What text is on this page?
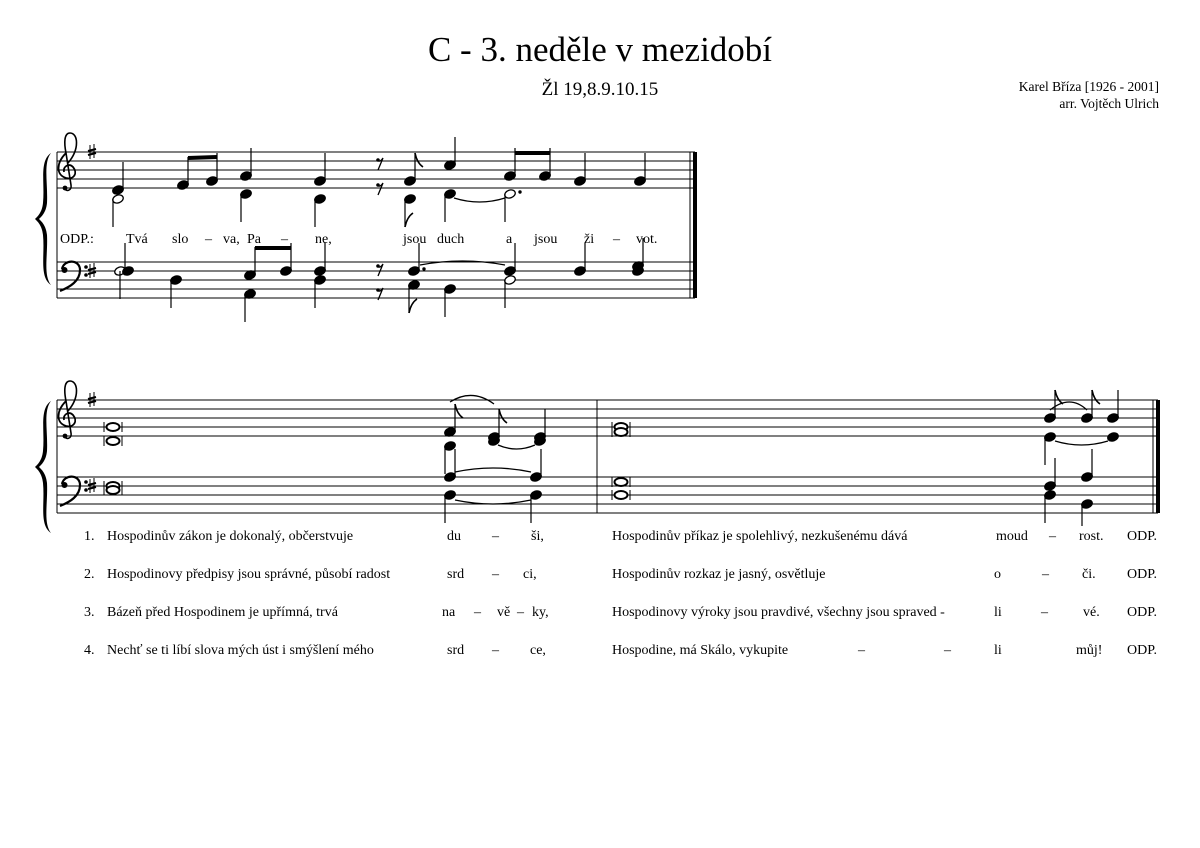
C - 3. neděle v mezidobí
Žl 19,8.9.10.15	Karel Bříza [1926 - 2001]
arr. Vojtěch Ulrich
ODP.: Tvá slo – va, Pa – ne,	jsou duch	a jsou ži – vot.
1. Hospodinův zákon je dokonalý, občerstvuje	du – ši,	Hospodinův příkaz je spolehlivý, nezkušenému dává	moud – rost. ODP.
2. Hospodinovy předpisy jsou správné, působí radost	srd – ci,	Hospodinův rozkaz je jasný, osvětluje	o	– či. ODP.
3. Bázeň před Hospodinem je upřímná, trvá	na – vě – ky,	Hospodinovy výroky jsou pravdivé, všechny jsou spraved -	li	–	vé. ODP.
4. Nechť se ti líbí slova mých úst i smýšlení mého	srd – ce,	Hospodine, má Skálo, vykupite	–	–	li	můj! ODP.
